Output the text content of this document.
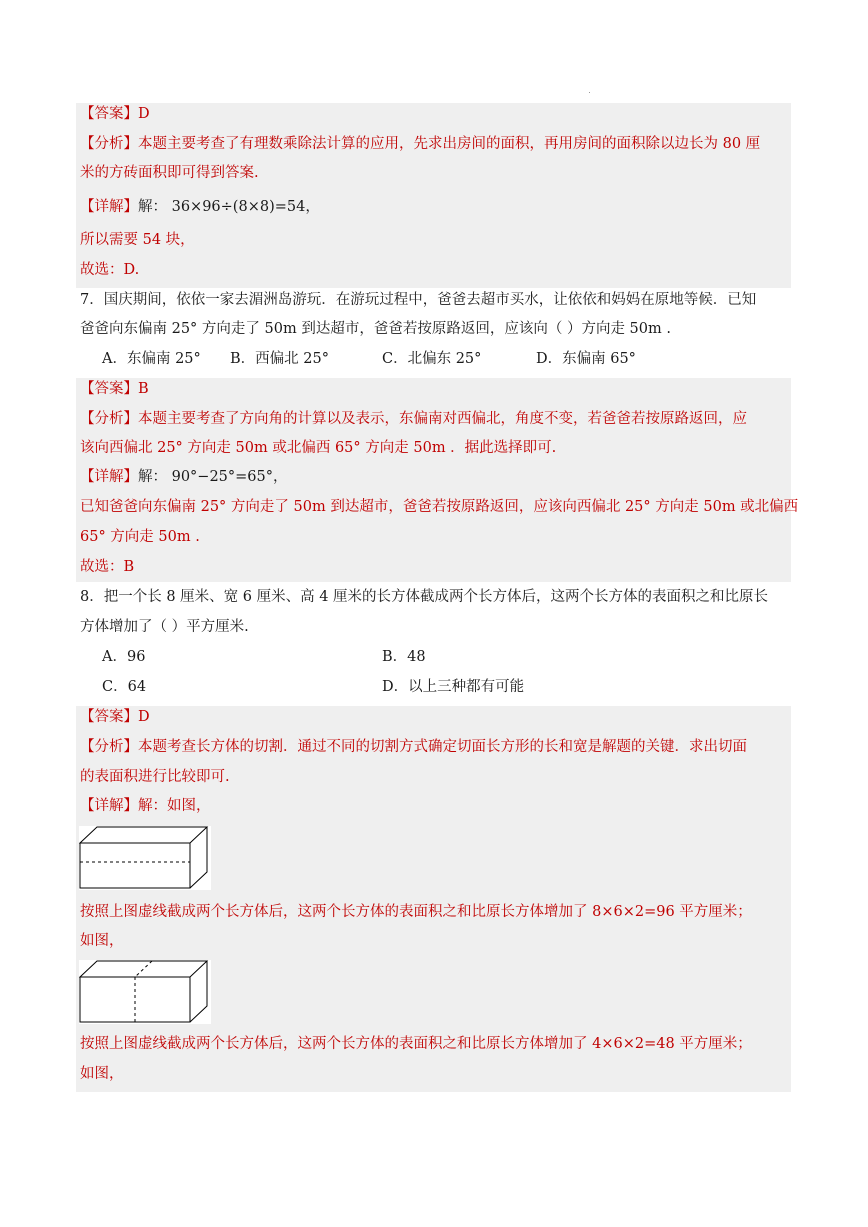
【答案】D
【分析】本题主要考查了有理数乘除法计算的应用，先求出房间的面积，再用房间的面积除以边长为 80 厘
米的方砖面积即可得到答案.
【详解】解： 36×96÷(8×8)=54，
所以需要 54 块，
故选：D.
7．国庆期间，依依一家去湄洲岛游玩．在游玩过程中，爸爸去超市买水，让依依和妈妈在原地等候．已知
爸爸向东偏南 25° 方向走了 50m 到达超市，爸爸若按原路返回，应该向（ ）方向走 50m .
A．东偏南 25° B．西偏北 25°	C．北偏东 25°	D．东偏南 65°
【答案】B
【分析】本题主要考查了方向角的计算以及表示，东偏南对西偏北，角度不变，若爸爸若按原路返回，应
该向西偏北 25° 方向走 50m 或北偏西 65° 方向走 50m ．据此选择即可.
【详解】解： 90°−25°=65°，
已知爸爸向东偏南 25° 方向走了 50m 到达超市，爸爸若按原路返回，应该向西偏北 25° 方向走 50m 或北偏西
65° 方向走 50m .
故选：B
8．把一个长 8 厘米、宽 6 厘米、高 4 厘米的长方体截成两个长方体后，这两个长方体的表面积之和比原长
方体增加了（ ）平方厘米.
A．96	B．48
C．64	D．以上三种都有可能
【答案】D
【分析】本题考查长方体的切割．通过不同的切割方式确定切面长方形的长和宽是解题的关键．求出切面
的表面积进行比较即可.
【详解】解：如图，
按照上图虚线截成两个长方体后，这两个长方体的表面积之和比原长方体增加了 8×6×2=96 平方厘米；
如图，
按照上图虚线截成两个长方体后，这两个长方体的表面积之和比原长方体增加了 4×6×2=48 平方厘米；
如图，
